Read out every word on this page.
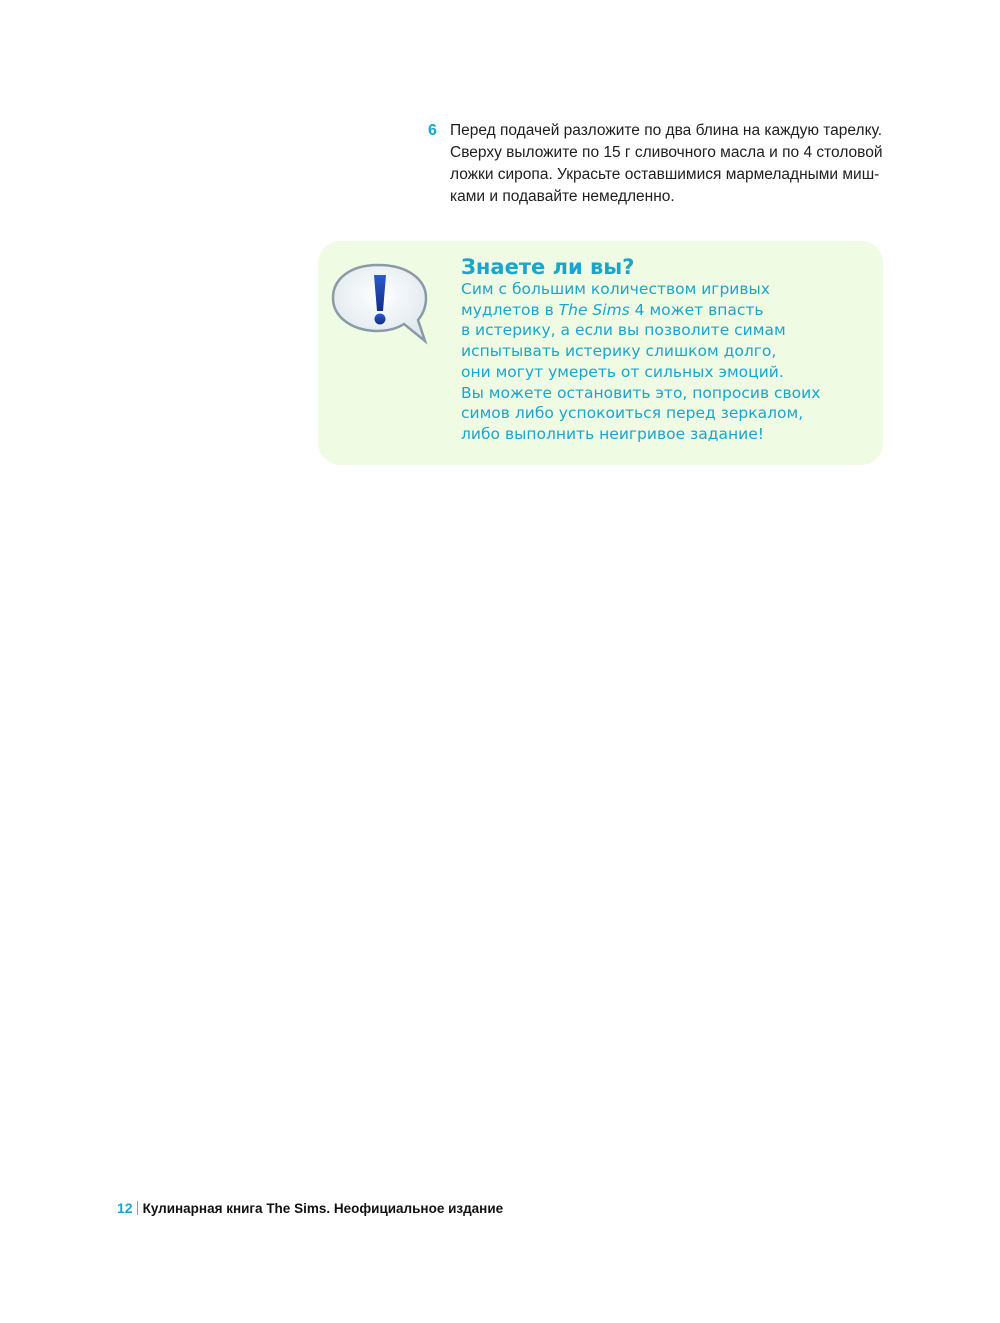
6 Перед подачей разложите по два блина на каждую тарелку.
Сверху выложите по 15 г сливочного масла и по 4 столовой
ложки сиропа. Украсьте оставшимися мармеладными миш-
ками и подавайте немедленно.
Знаете ли вы?
Сим с большим количеством игривых
мудлетов в The Sims 4 может впасть
в истерику, а если вы позволите симам
испытывать истерику слишком долго,
они могут умереть от сильных эмоций.
Вы можете остановить это, попросив своих
симов либо успокоиться перед зеркалом,
либо выполнить неигривое задание!
12 Кулинарная книга The Sims. Неофициальное издание
